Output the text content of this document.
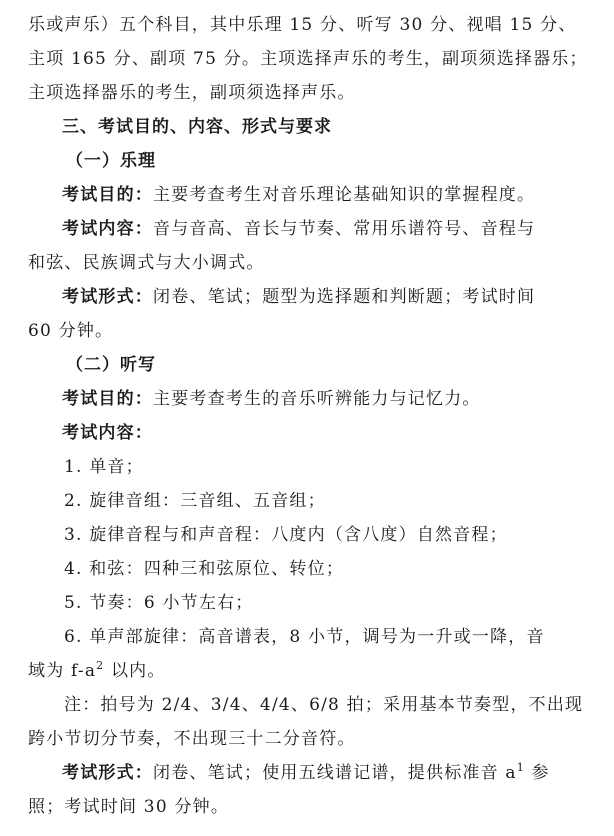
乐或声乐）五个科目，其中乐理 15 分、听写 30 分、视唱 15 分、
主项 165 分、副项 75 分。主项选择声乐的考生，副项须选择器乐；
主项选择器乐的考生，副项须选择声乐。
三、考试目的、内容、形式与要求
（一）乐理
考试目的：主要考查考生对音乐理论基础知识的掌握程度。
考试内容：音与音高、音长与节奏、常用乐谱符号、音程与
和弦、民族调式与大小调式。
考试形式：闭卷、笔试；题型为选择题和判断题；考试时间
60 分钟。
（二）听写
考试目的：主要考查考生的音乐听辨能力与记忆力。
考试内容：
1. 单音；
2. 旋律音组：三音组、五音组；
3. 旋律音程与和声音程：八度内（含八度）自然音程；
4. 和弦：四种三和弦原位、转位；
5. 节奏：6 小节左右；
6. 单声部旋律：高音谱表，8 小节，调号为一升或一降，音
域为 $f-a^2$ 以内。
注：拍号为 2/4、3/4、4/4、6/8 拍；采用基本节奏型，不出现
跨小节切分节奏，不出现三十二分音符。
考试形式：闭卷、笔试；使用五线谱记谱，提供标准音 $a^1$ 参
照；考试时间 30 分钟。
